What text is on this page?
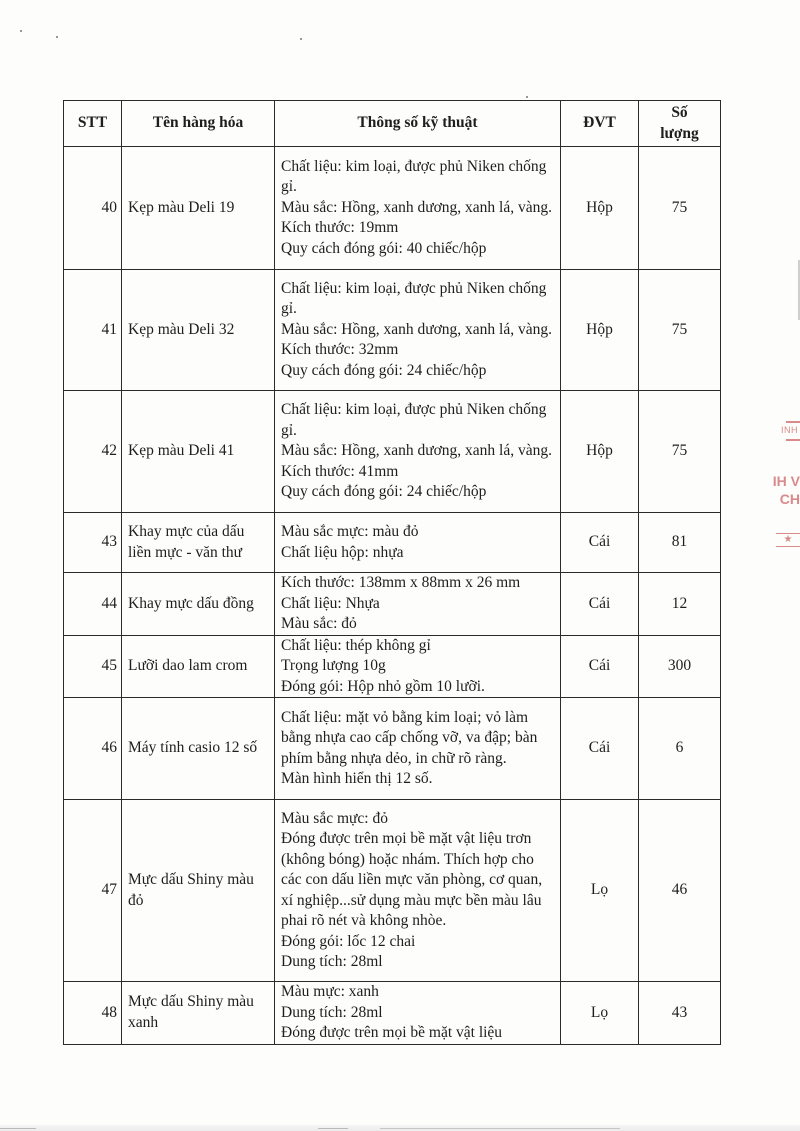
STT	Tên hàng hóa	Thông số kỹ thuật	ĐVT	Số
lượng

40	Kẹp màu Deli 19	Chất liệu: kim loại, được phủ Niken chống gỉ.
Màu sắc: Hồng, xanh dương, xanh lá, vàng.
Kích thước: 19mm
Quy cách đóng gói: 40 chiếc/hộp	Hộp	75
41	Kẹp màu Deli 32	Chất liệu: kim loại, được phủ Niken chống gỉ.
Màu sắc: Hồng, xanh dương, xanh lá, vàng.
Kích thước: 32mm
Quy cách đóng gói: 24 chiếc/hộp	Hộp	75
42	Kẹp màu Deli 41	Chất liệu: kim loại, được phủ Niken chống gỉ.
Màu sắc: Hồng, xanh dương, xanh lá, vàng.
Kích thước: 41mm
Quy cách đóng gói: 24 chiếc/hộp	Hộp	75
43	Khay mực của dấu liền mực - văn thư	Màu sắc mực: màu đỏ
Chất liệu hộp: nhựa	Cái	81
44	Khay mực dấu đồng	Kích thước: 138mm x 88mm x 26 mm
Chất liệu: Nhựa
Màu sắc: đỏ	Cái	12
45	Lưỡi dao lam crom	Chất liệu: thép không gỉ
Trọng lượng 10g
Đóng gói: Hộp nhỏ gồm 10 lưỡi.	Cái	300
46	Máy tính casio 12 số	Chất liệu: mặt vỏ bằng kim loại; vỏ làm bằng nhựa cao cấp chống vỡ, va đập; bàn phím bằng nhựa dẻo, in chữ rõ ràng.
Màn hình hiển thị 12 số.	Cái	6
47	Mực dấu Shiny màu đỏ	Màu sắc mực: đỏ
Đóng được trên mọi bề mặt vật liệu trơn (không bóng) hoặc nhám. Thích hợp cho các con dấu liền mực văn phòng, cơ quan, xí nghiệp...sử dụng màu mực bền màu lâu phai rõ nét và không nhòe.
Đóng gói: lốc 12 chai
Dung tích: 28ml	Lọ	46
48	Mực dấu Shiny màu xanh	Màu mực: xanh
Dung tích: 28ml
Đóng được trên mọi bề mặt vật liệu	Lọ	43
INH
IH V
CH
★
